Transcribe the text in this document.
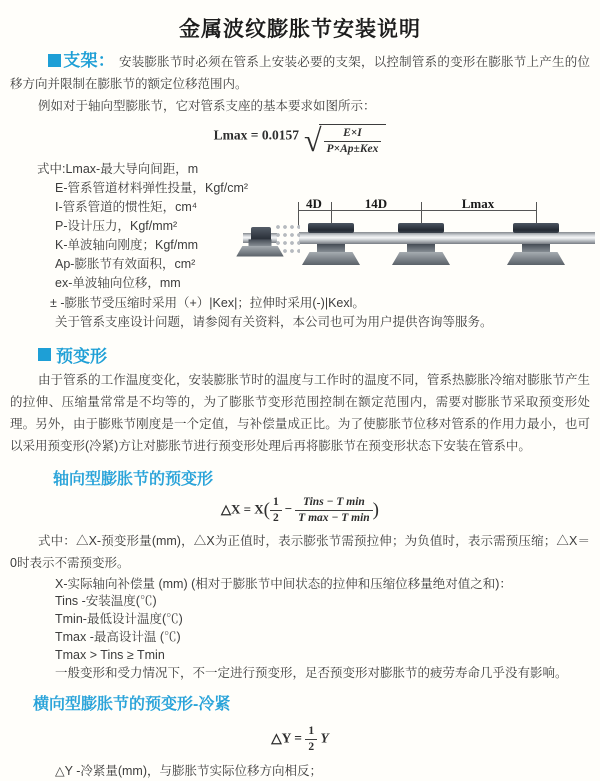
金属波纹膨胀节安装说明

支架： 安装膨胀节时必须在管系上安装必要的支架，以控制管系的变形在膨胀节上产生的位移方向并限制在膨胀节的额定位移范围内。

例如对于轴向型膨胀节，它对管系支座的基本要求如图所示：

Lmax = 0.0157 √ $\frac{E\times I}{\text{P×Ap±Kex}}$
式中:Lmax-最大导向间距，m
E-管系管道材料弹性投量，Kgf/cm²
I-管系管道的惯性矩，cm⁴
P-设计压力，Kgf/mm²
K-单波轴向刚度；Kgf/mm
Ap-膨胀节有效面积，cm²
ex-单波轴向位移，mm
± -膨胀节受压缩时采用（+）|Kex|；拉伸时采用(-)|Kexl。
关于管系支座设计问题，请参阅有关资料，本公司也可为用户提供咨询等服务。
4D	14D	Lmax
预变形

由于管系的工作温度变化，安装膨胀节时的温度与工作时的温度不同，管系热膨胀冷缩对膨胀节产生的拉伸、压缩量常常是不均等的，为了膨胀节变形范围控制在额定范围内，需要对膨胀节采取预变形处理。另外，由于膨账节刚度是一个定值，与补偿量成正比。为了使膨胀节位移对管系的作用力最小，也可以采用预变形(冷紧)方让对膨胀节进行预变形处理后再将膨胀节在预变形状态下安装在管系中。

轴向型膨胀节的预变形
△X = $X( \frac{1}{2} - \frac{\text{Tins − T min}}{\text{T max − T min}}$ )

式中：△X-预变形量(mm)，△X为正值时，表示膨张节需预拉伸；为负值时，表示需预压缩；△X＝0时表示不需预变形。

X-实际轴向补偿量 (mm) (相对于膨胀节中间状态的拉伸和压缩位移量绝对值之和)：
Tins -安装温度(℃)
Tmin-最低设计温度(℃)
Tmax -最高设计温 (℃)
Tmax > Tins ≥ Tmin
一般变形和受力情况下，不一定进行预变形，足否预变形对膨胀节的疲劳寿命几乎没有影响。
横向型膨胀节的预变形-冷紧
△Y = $\frac{1}{2}$ Y
△Y -冷紧量(mm)，与膨胀节实际位移方向相反；
